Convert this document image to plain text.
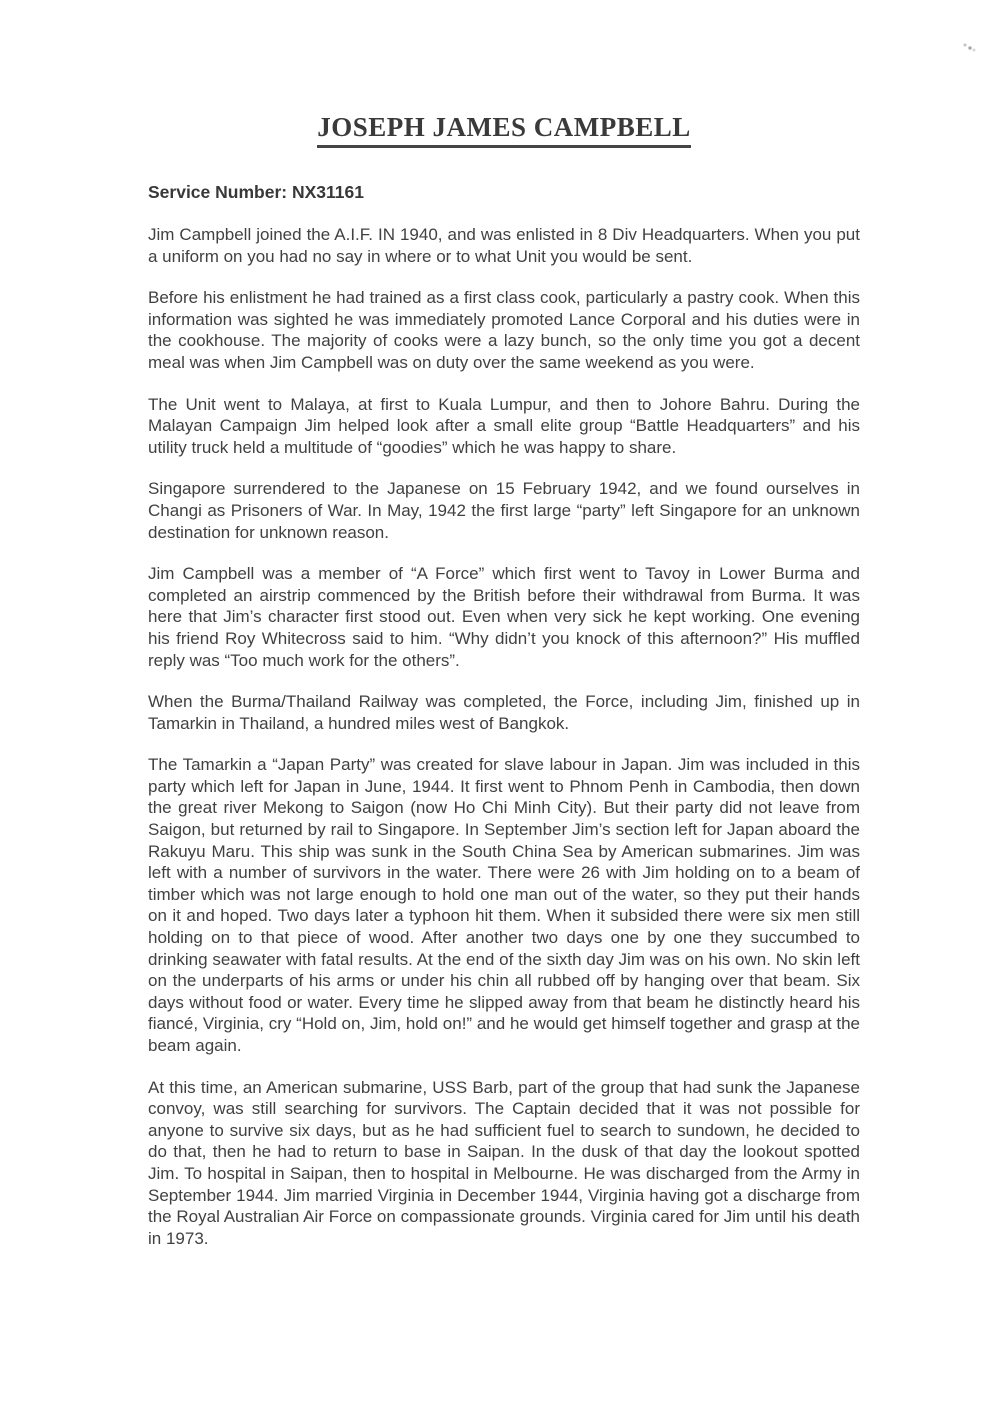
JOSEPH JAMES CAMPBELL

Service Number: NX31161

Jim Campbell joined the A.I.F. IN 1940, and was enlisted in 8 Div Headquarters. When you put a uniform on you had no say in where or to what Unit you would be sent.

Before his enlistment he had trained as a first class cook, particularly a pastry cook. When this information was sighted he was immediately promoted Lance Corporal and his duties were in the cookhouse. The majority of cooks were a lazy bunch, so the only time you got a decent meal was when Jim Campbell was on duty over the same weekend as you were.

The Unit went to Malaya, at first to Kuala Lumpur, and then to Johore Bahru. During the Malayan Campaign Jim helped look after a small elite group “Battle Headquarters” and his utility truck held a multitude of “goodies” which he was happy to share.

Singapore surrendered to the Japanese on 15 February 1942, and we found ourselves in Changi as Prisoners of War. In May, 1942 the first large “party” left Singapore for an unknown destination for unknown reason.

Jim Campbell was a member of “A Force” which first went to Tavoy in Lower Burma and completed an airstrip commenced by the British before their withdrawal from Burma. It was here that Jim’s character first stood out. Even when very sick he kept working. One evening his friend Roy Whitecross said to him. “Why didn’t you knock of this afternoon?” His muffled reply was “Too much work for the others”.

When the Burma/Thailand Railway was completed, the Force, including Jim, finished up in Tamarkin in Thailand, a hundred miles west of Bangkok.

The Tamarkin a “Japan Party” was created for slave labour in Japan. Jim was included in this party which left for Japan in June, 1944. It first went to Phnom Penh in Cambodia, then down the great river Mekong to Saigon (now Ho Chi Minh City). But their party did not leave from Saigon, but returned by rail to Singapore. In September Jim’s section left for Japan aboard the Rakuyu Maru. This ship was sunk in the South China Sea by American submarines. Jim was left with a number of survivors in the water. There were 26 with Jim holding on to a beam of timber which was not large enough to hold one man out of the water, so they put their hands on it and hoped. Two days later a typhoon hit them. When it subsided there were six men still holding on to that piece of wood. After another two days one by one they succumbed to drinking seawater with fatal results. At the end of the sixth day Jim was on his own. No skin left on the underparts of his arms or under his chin all rubbed off by hanging over that beam. Six days without food or water. Every time he slipped away from that beam he distinctly heard his fiancé, Virginia, cry “Hold on, Jim, hold on!” and he would get himself together and grasp at the beam again.

At this time, an American submarine, USS Barb, part of the group that had sunk the Japanese convoy, was still searching for survivors. The Captain decided that it was not possible for anyone to survive six days, but as he had sufficient fuel to search to sundown, he decided to do that, then he had to return to base in Saipan. In the dusk of that day the lookout spotted Jim. To hospital in Saipan, then to hospital in Melbourne. He was discharged from the Army in September 1944. Jim married Virginia in December 1944, Virginia having got a discharge from the Royal Australian Air Force on compassionate grounds. Virginia cared for Jim until his death in 1973.
